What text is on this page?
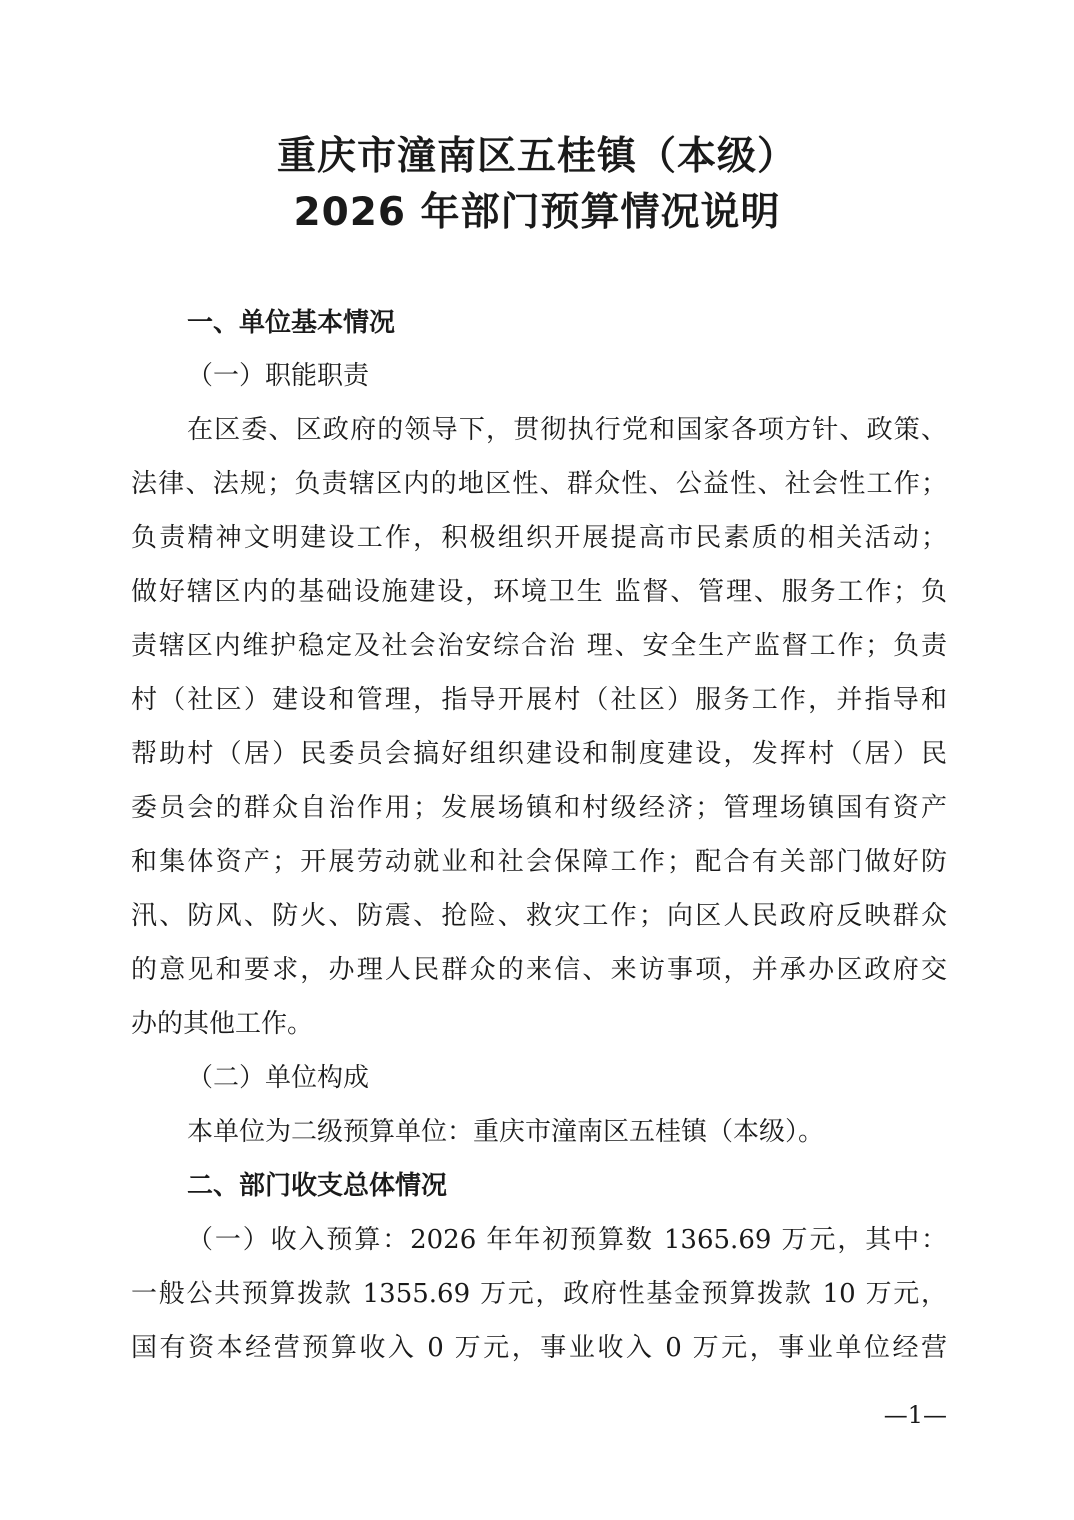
重庆市潼南区五桂镇（本级）
2026 年部门预算情况说明
一、单位基本情况
（一）职能职责
在区委、区政府的领导下，贯彻执行党和国家各项方针、政策、
法律、法规；负责辖区内的地区性、群众性、公益性、社会性工作；
负责精神文明建设工作，积极组织开展提高市民素质的相关活动；
做好辖区内的基础设施建设，环境卫生 监督、管理、服务工作；负
责辖区内维护稳定及社会治安综合治 理、安全生产监督工作；负责
村（社区）建设和管理，指导开展村（社区）服务工作，并指导和
帮助村（居）民委员会搞好组织建设和制度建设，发挥村（居）民
委员会的群众自治作用；发展场镇和村级经济；管理场镇国有资产
和集体资产；开展劳动就业和社会保障工作；配合有关部门做好防
汛、防风、防火、防震、抢险、救灾工作；向区人民政府反映群众
的意见和要求，办理人民群众的来信、来访事项，并承办区政府交
办的其他工作。
（二）单位构成
本单位为二级预算单位：重庆市潼南区五桂镇（本级）。
二、部门收支总体情况
（一）收入预算：2026 年年初预算数 1365.69 万元，其中：
一般公共预算拨款 1355.69 万元，政府性基金预算拨款 10 万元，
国有资本经营预算收入 0 万元，事业收入 0 万元，事业单位经营
—1—
